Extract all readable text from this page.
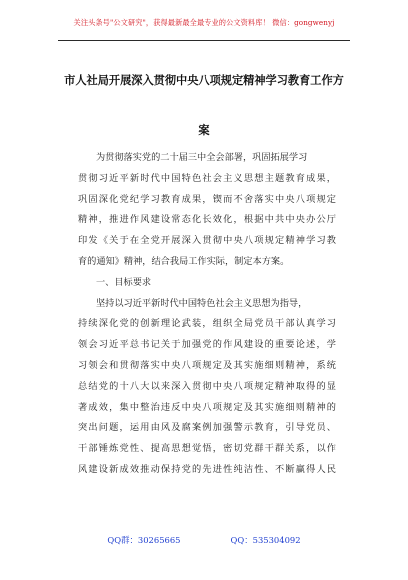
关注头条号"公文研究"，获得最新最全最专业的公文资料库！ 微信：gongwenyj
市人社局开展深入贯彻中央八项规定精神学习教育工作方
案
为贯彻落实党的二十届三中全会部署，巩固拓展学习
贯彻习近平新时代中国特色社会主义思想主题教育成果，
巩固深化党纪学习教育成果，锲而不舍落实中央八项规定
精神，推进作风建设常态化长效化，根据中共中央办公厅
印发《关于在全党开展深入贯彻中央八项规定精神学习教
育的通知》精神，结合我局工作实际，制定本方案。
一、目标要求
坚持以习近平新时代中国特色社会主义思想为指导，
持续深化党的创新理论武装，组织全局党员干部认真学习
领会习近平总书记关于加强党的作风建设的重要论述，学
习领会和贯彻落实中央八项规定及其实施细则精神，系统
总结党的十八大以来深入贯彻中央八项规定精神取得的显
著成效，集中整治违反中央八项规定及其实施细则精神的
突出问题，运用由风及腐案例加强警示教育，引导党员、
干部锤炼党性、提高思想觉悟，密切党群干群关系，以作
风建设新成效推动保持党的先进性纯洁性、不断赢得人民
QQ群：30265665	QQ：535304092
